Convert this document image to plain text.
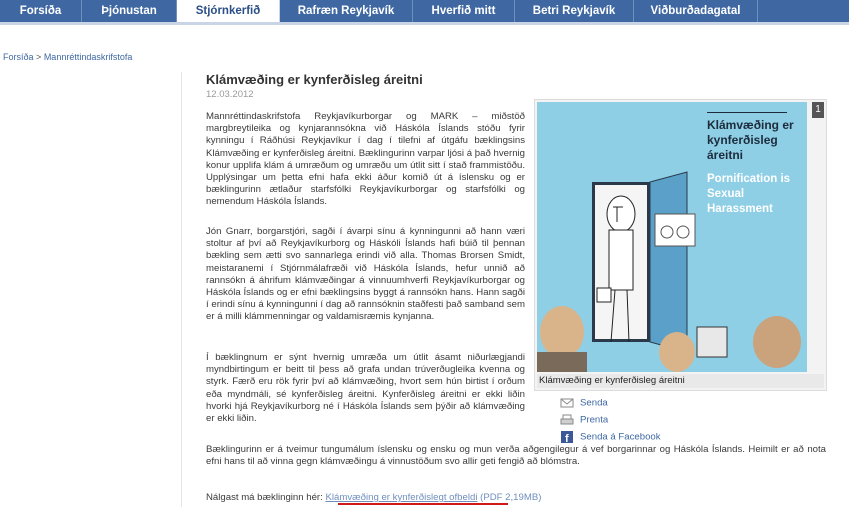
Forsíða	Þjónustan	Stjórnkerfið	Rafræn Reykjavík	Hverfið mitt	Betri Reykjavík	Viðburðadagatal
Forsíða > Mannréttindaskrifstofa
Klámvæðing er kynferðisleg áreitni
12.03.2012
Mannréttindaskrifstofa Reykjavíkurborgar og MARK – miðstöð margbreytileika og kynjarannsókna við Háskóla Íslands stóðu fyrir kynningu í Ráðhúsi Reykjavíkur í dag í tilefni af útgáfu bæklingsins Klámvæðing er kynferðisleg áreitni. Bæklingurinn varpar ljósi á það hvernig konur upplifa klám á umræðum og umræðu um útlit sitt í stað frammistöðu. Upplýsingar um þetta efni hafa ekki áður komið út á íslensku og er bæklingurinn ætlaður starfsfólki Reykjavíkurborgar og starfsfólki og nemendum Háskóla Íslands.
Jón Gnarr, borgarstjóri, sagði í ávarpi sínu á kynningunni að hann væri stoltur af því að Reykjavíkurborg og Háskóli Íslands hafi búið til þennan bækling sem ætti svo sannarlega erindi við alla. Thomas Brorsen Smidt, meistaranemi í Stjórnmálafræði við Háskóla Íslands, hefur unnið að rannsókn á áhrifum klámvæðingar á vinnuumhverfi Reykjavíkurborgar og Háskóla Íslands og er efni bæklingsins byggt á rannsókn hans. Hann sagði í erindi sínu á kynningunni í dag að rannsóknin staðfesti það samband sem er á milli klámmenningar og valdamisræmis kynjanna.
Í bæklingnum er sýnt hvernig umræða um útlit ásamt niðurlægjandi myndbirtingum er beitt til þess að grafa undan trúverðugleika kvenna og styrk. Færð eru rök fyrir því að klámvæðing, hvort sem hún birtist í orðum eða myndmáli, sé kynferðisleg áreitni. Kynferðisleg áreitni er ekki liðin hvorki hjá Reykjavíkurborg né í Háskóla Íslands sem þýðir að klámvæðing er ekki liðin.
Bæklingurinn er á tveimur tungumálum íslensku og ensku og mun verða aðgengilegur á vef borgarinnar og Háskóla Íslands. Heimilt er að nota efni hans til að vinna gegn klámvæðingu á vinnustöðum svo allir geti fengið að blómstra.
Klámvæðing er kynferðisleg áreitni
Pornification is Sexual Harassment
Klámvæðing er kynferðisleg áreitni
1
Senda
Prenta
f Senda á Facebook
Nálgast má bæklinginn hér: Klámvæðing er kynferðislegt ofbeldi (PDF 2,19MB)
